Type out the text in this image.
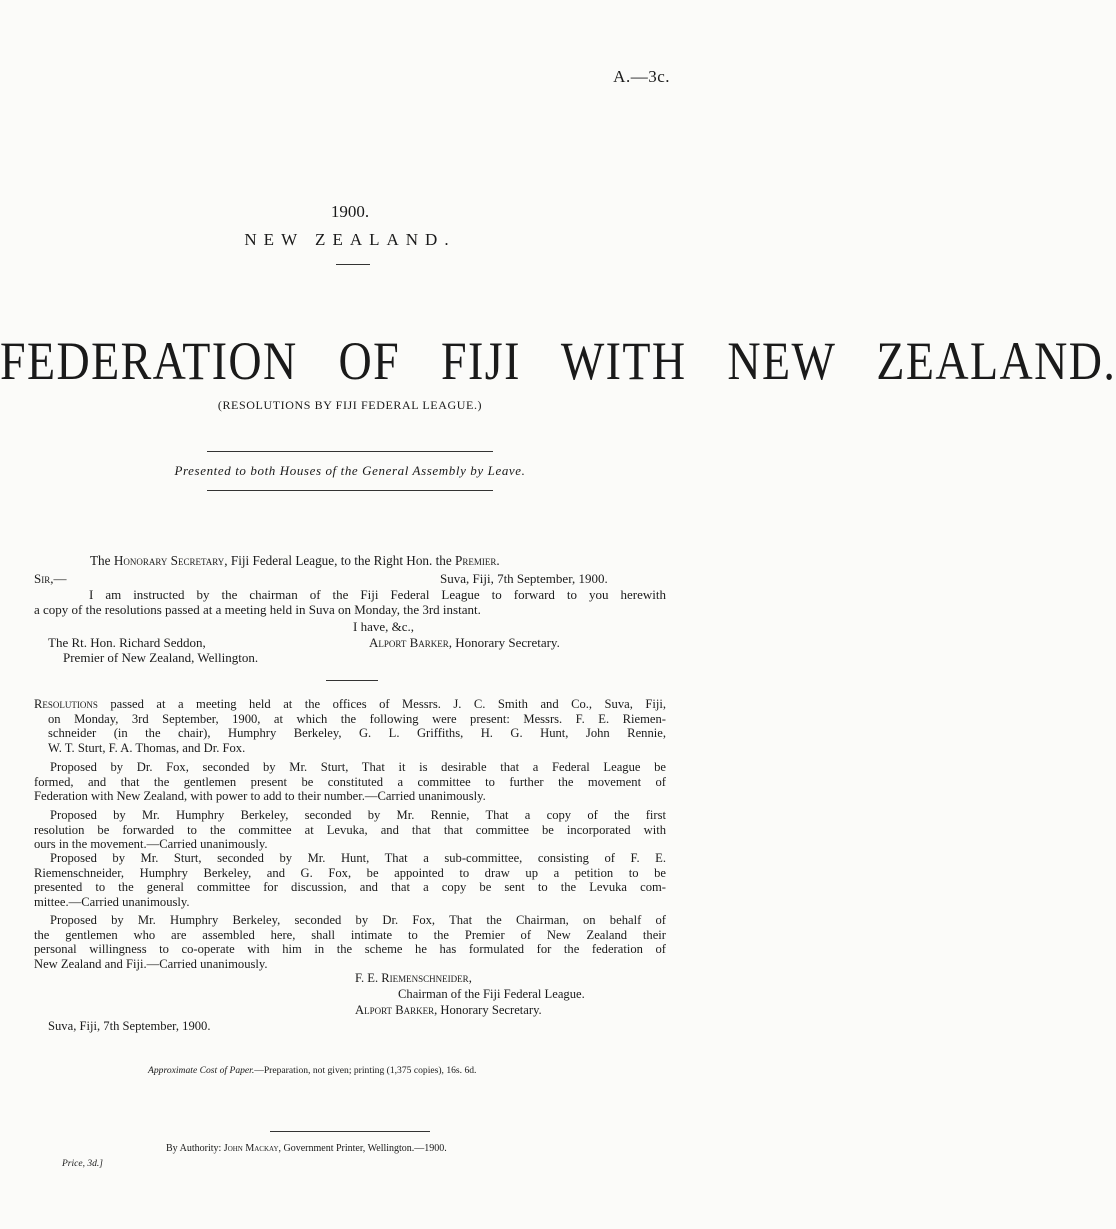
A.—3c.
1900.
NEW ZEALAND.
FEDERATION OF FIJI WITH NEW ZEALAND.
(RESOLUTIONS BY FIJI FEDERAL LEAGUE.)
Presented to both Houses of the General Assembly by Leave.
The Honorary Secretary, Fiji Federal League, to the Right Hon. the Premier.
Sir,—	Suva, Fiji, 7th September, 1900.
I am instructed by the chairman of the Fiji Federal League to forward to you herewith
a copy of the resolutions passed at a meeting held in Suva on Monday, the 3rd instant.
I have, &c.,
The Rt. Hon. Richard Seddon,	Alport Barker, Honorary Secretary.
Premier of New Zealand, Wellington.
Resolutions passed at a meeting held at the offices of Messrs. J. C. Smith and Co., Suva, Fiji,
on Monday, 3rd September, 1900, at which the following were present: Messrs. F. E. Riemen-
schneider (in the chair), Humphry Berkeley, G. L. Griffiths, H. G. Hunt, John Rennie,
W. T. Sturt, F. A. Thomas, and Dr. Fox.
Proposed by Dr. Fox, seconded by Mr. Sturt, That it is desirable that a Federal League be
formed, and that the gentlemen present be constituted a committee to further the movement of
Federation with New Zealand, with power to add to their number.—Carried unanimously.
Proposed by Mr. Humphry Berkeley, seconded by Mr. Rennie, That a copy of the first
resolution be forwarded to the committee at Levuka, and that that committee be incorporated with
ours in the movement.—Carried unanimously.
Proposed by Mr. Sturt, seconded by Mr. Hunt, That a sub-committee, consisting of F. E.
Riemenschneider, Humphry Berkeley, and G. Fox, be appointed to draw up a petition to be
presented to the general committee for discussion, and that a copy be sent to the Levuka com-
mittee.—Carried unanimously.
Proposed by Mr. Humphry Berkeley, seconded by Dr. Fox, That the Chairman, on behalf of
the gentlemen who are assembled here, shall intimate to the Premier of New Zealand their
personal willingness to co-operate with him in the scheme he has formulated for the federation of
New Zealand and Fiji.—Carried unanimously.
F. E. Riemenschneider,
Chairman of the Fiji Federal League.
Alport Barker, Honorary Secretary.
Suva, Fiji, 7th September, 1900.
Approximate Cost of Paper.—Preparation, not given; printing (1,375 copies), 16s. 6d.
By Authority: John Mackay, Government Printer, Wellington.—1900.
Price, 3d.]
